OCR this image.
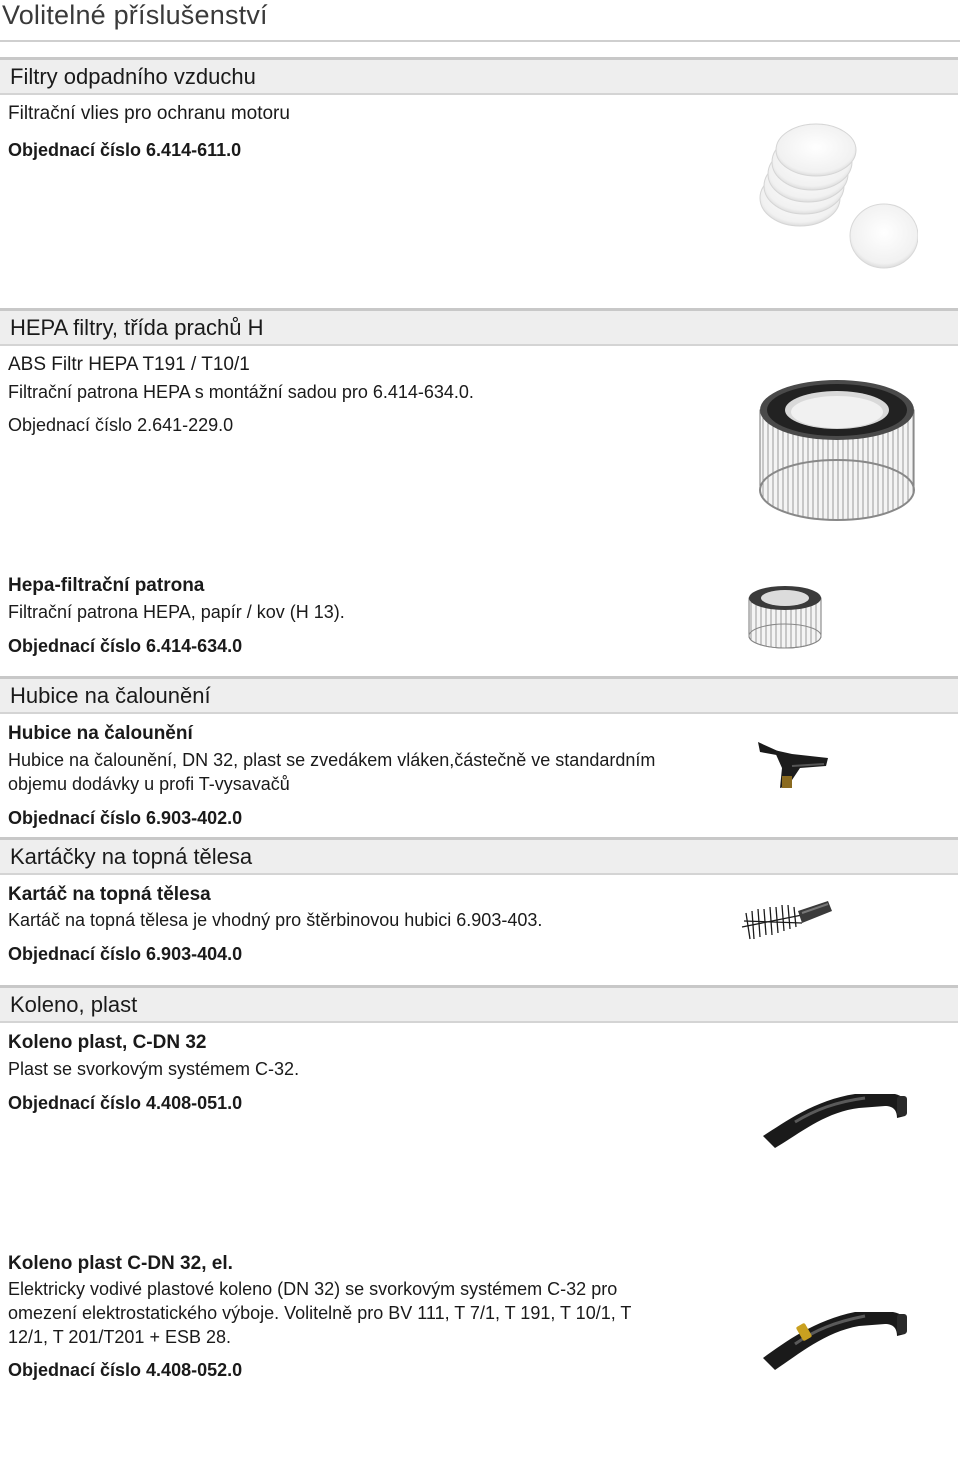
Volitelné příslušenství
Filtry odpadního vzduchu
Filtrační vlies pro ochranu motoru
Objednací číslo 6.414-611.0
HEPA filtry, třída prachů H
ABS Filtr HEPA T191 / T10/1
Filtrační patrona HEPA s montážní sadou pro 6.414-634.0.
Objednací číslo 2.641-229.0
Hepa-filtrační patrona
Filtrační patrona HEPA, papír / kov (H 13).
Objednací číslo 6.414-634.0
Hubice na čalounění
Hubice na čalounění
Hubice na čalounění, DN 32, plast se zvedákem vláken,částečně ve standardním
objemu dodávky u profi T-vysavačů
Objednací číslo 6.903-402.0
Kartáčky na topná tělesa
Kartáč na topná tělesa
Kartáč na topná tělesa je vhodný pro štěrbinovou hubici 6.903-403.
Objednací číslo 6.903-404.0
Koleno, plast
Koleno plast, C-DN 32
Plast se svorkovým systémem C-32.
Objednací číslo 4.408-051.0
Koleno plast C-DN 32, el.
Elektricky vodivé plastové koleno (DN 32) se svorkovým systémem C-32 pro
omezení elektrostatického výboje. Volitelně pro BV 111, T 7/1, T 191, T 10/1, T
12/1, T 201/T201 + ESB 28.
Objednací číslo 4.408-052.0
